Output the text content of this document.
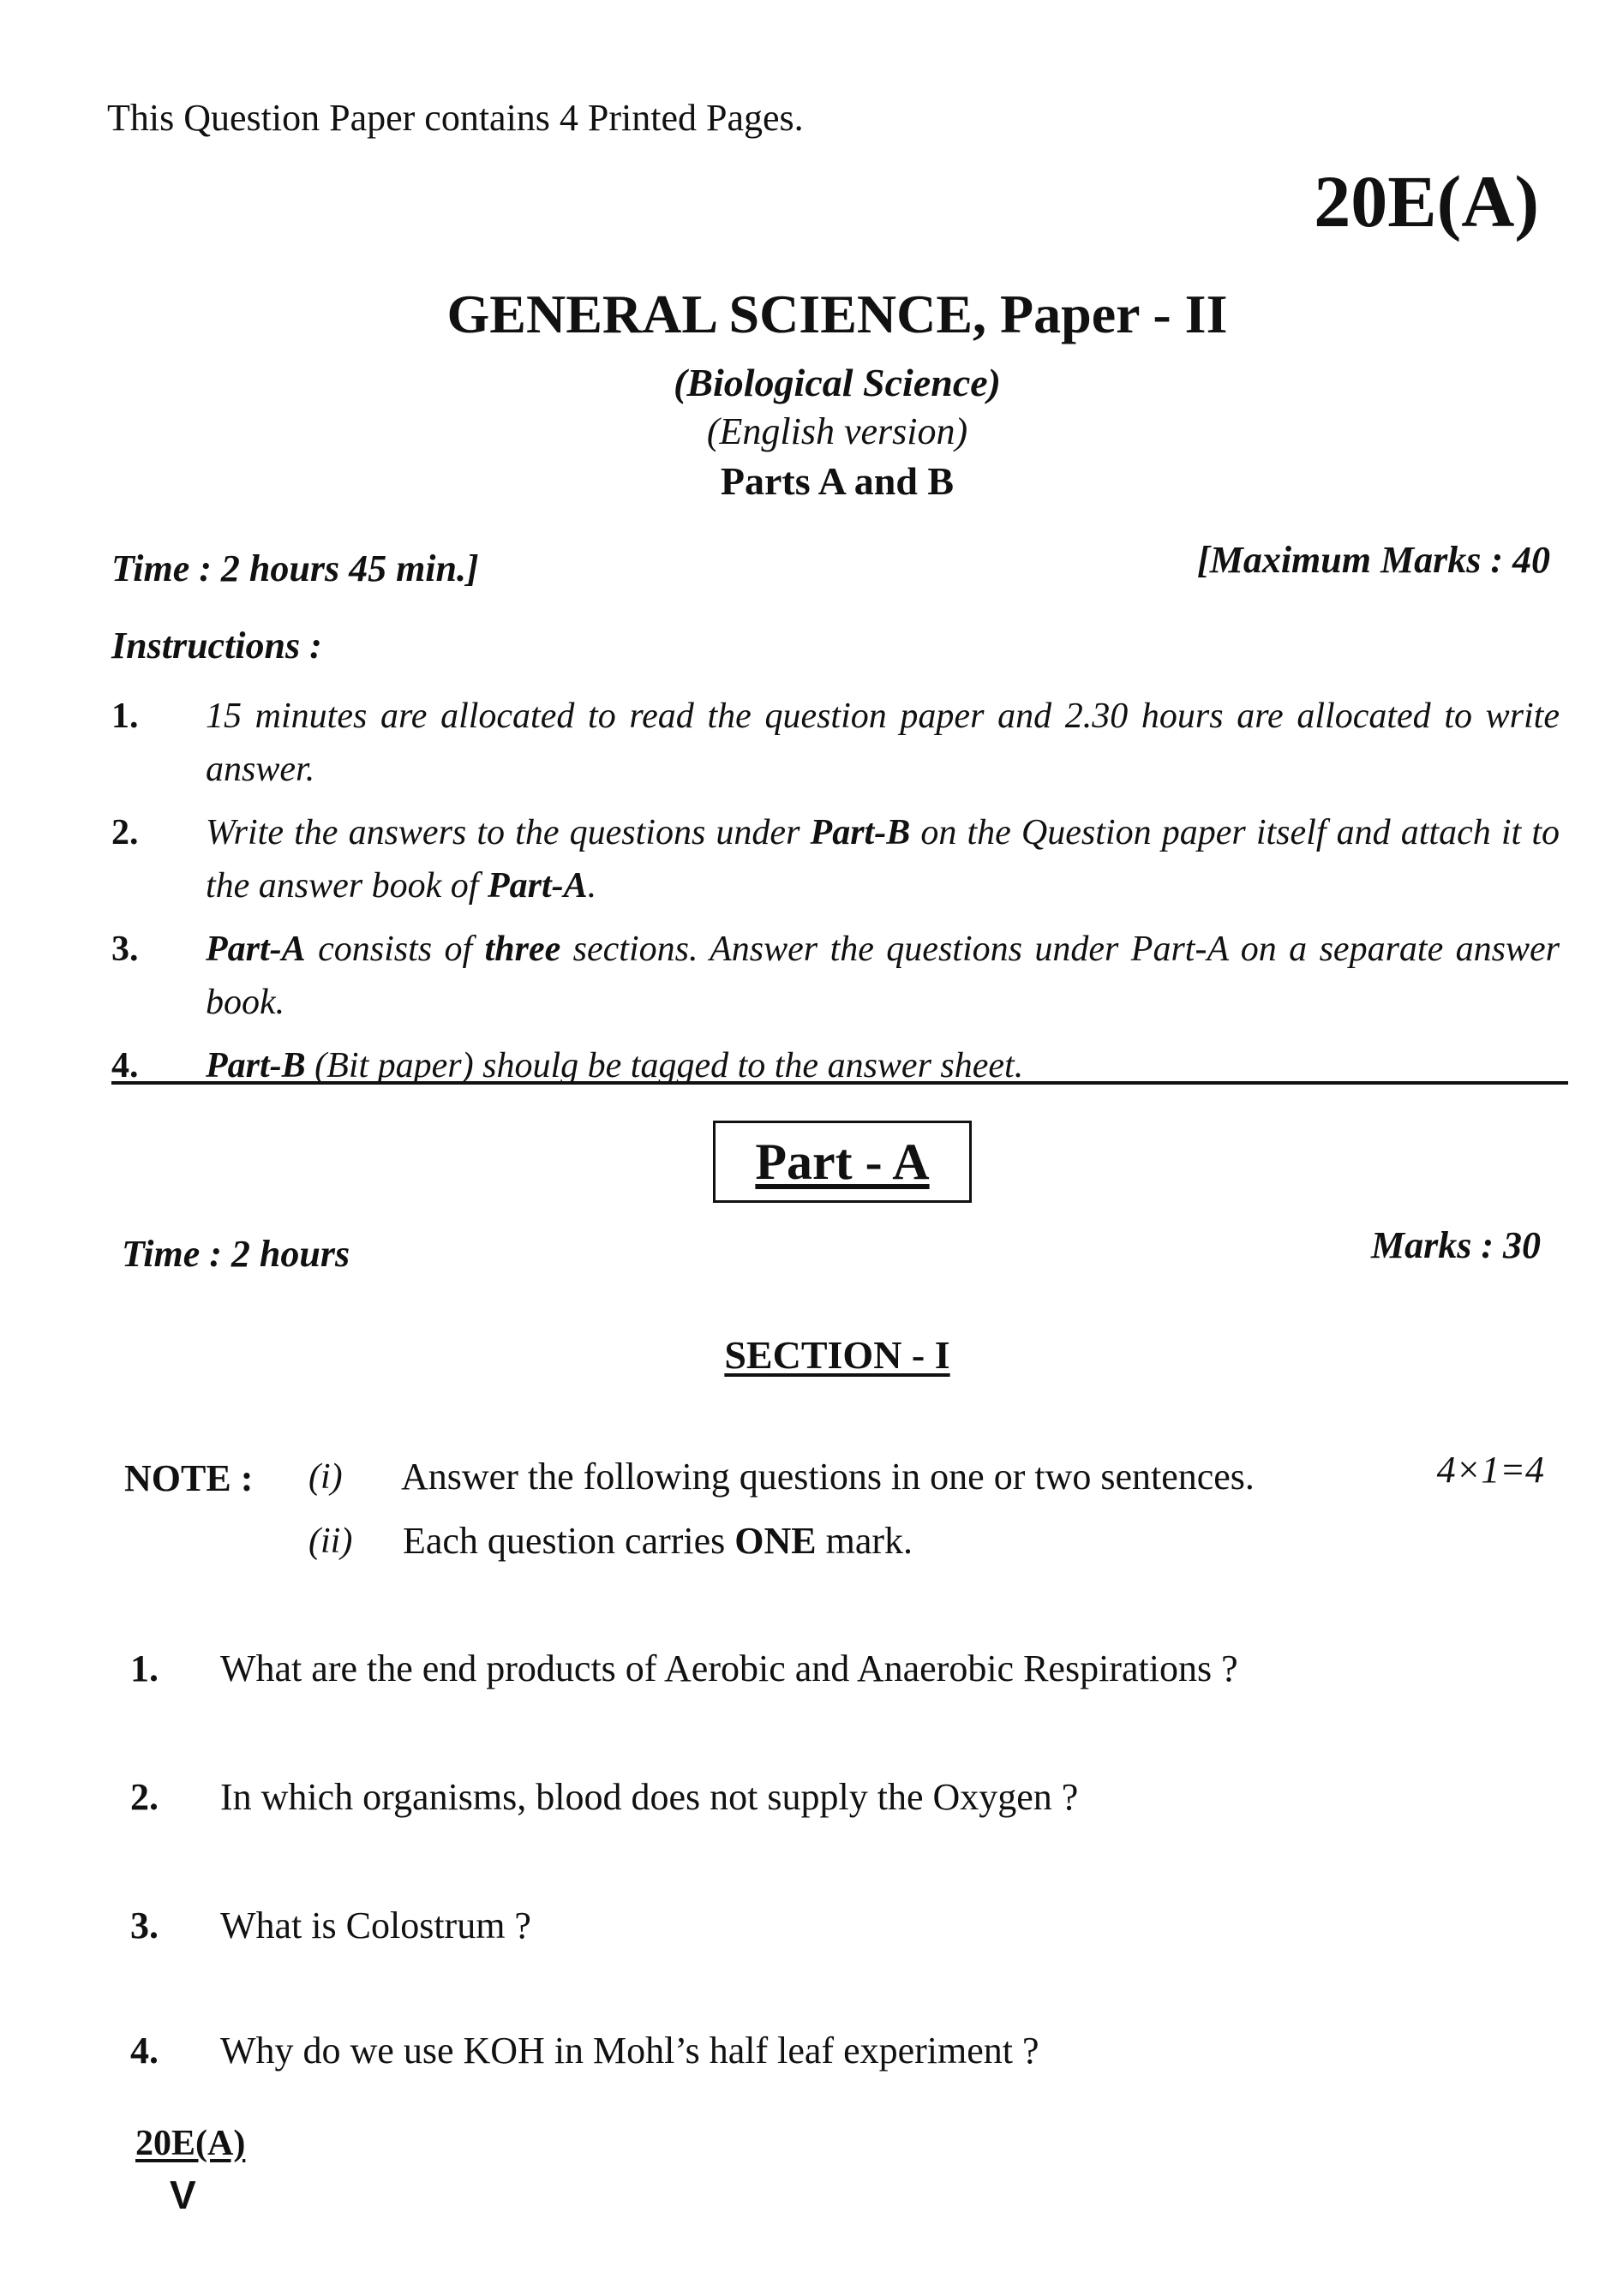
This Question Paper contains 4 Printed Pages.
20E(A)
GENERAL SCIENCE, Paper - II
(Biological Science)
(English version)
Parts A and B
Time : 2 hours 45 min.]	[Maximum Marks : 40
Instructions :
1.	15 minutes are allocated to read the question paper and 2.30 hours are allocated to write answer.
2.	Write the answers to the questions under Part-B on the Question paper itself and attach it to the answer book of Part-A.
3.	Part-A consists of three sections. Answer the questions under Part-A on a separate answer book.
4.	Part-B (Bit paper) shoulg be tagged to the answer sheet.
Part - A
Time : 2 hours	Marks : 30
SECTION - I
NOTE : (i) Answer the following questions in one or two sentences.	4×1=4
(ii) Each question carries ONE mark.
1.	What are the end products of Aerobic and Anaerobic Respirations ?
2.	In which organisms, blood does not supply the Oxygen ?
3.	What is Colostrum ?
4.	Why do we use KOH in Mohl’s half leaf experiment ?
20E(A)
V
